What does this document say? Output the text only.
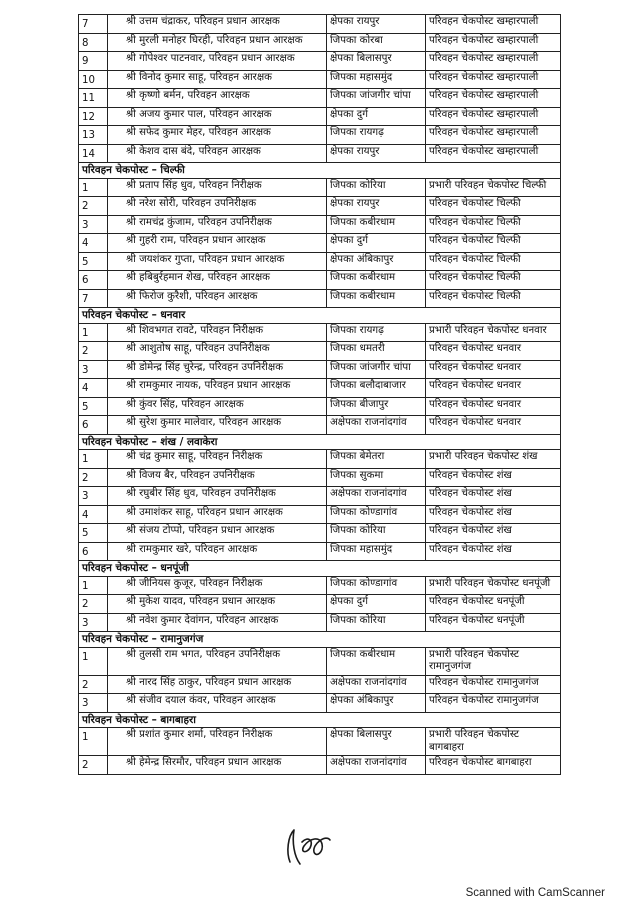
7	श्री उत्तम चंद्राकर, परिवहन प्रधान आरक्षक	क्षेपका रायपुर	परिवहन चेकपोस्ट खम्हारपाली
8	श्री मुरली मनोहर घिरही, परिवहन प्रधान आरक्षक	जिपका कोरबा	परिवहन चेकपोस्ट खम्हारपाली
9	श्री गोपेश्वर पाटनवार, परिवहन प्रधान आरक्षक	क्षेपका बिलासपुर	परिवहन चेकपोस्ट खम्हारपाली
10	श्री विनोद कुमार साहू, परिवहन आरक्षक	जिपका महासमुंद	परिवहन चेकपोस्ट खम्हारपाली
11	श्री कृष्णो बर्मन, परिवहन आरक्षक	जिपका जांजगीर चांपा	परिवहन चेकपोस्ट खम्हारपाली
12	श्री अजय कुमार पाल, परिवहन आरक्षक	क्षेपका दुर्ग	परिवहन चेकपोस्ट खम्हारपाली
13	श्री सफेद कुमार मेहर, परिवहन आरक्षक	जिपका रायगढ़	परिवहन चेकपोस्ट खम्हारपाली
14	श्री केशव दास बंदे, परिवहन आरक्षक	क्षेपका रायपुर	परिवहन चेकपोस्ट खम्हारपाली
परिवहन चेकपोस्ट – चिल्फी			
1	श्री प्रताप सिंह धुव, परिवहन निरीक्षक	जिपका कोरिया	प्रभारी परिवहन चेकपोस्ट चिल्फी
2	श्री नरेश सोरी, परिवहन उपनिरीक्षक	क्षेपका रायपुर	परिवहन चेकपोस्ट चिल्फी
3	श्री रामचंद्र कुंजाम, परिवहन उपनिरीक्षक	जिपका कबीरधाम	परिवहन चेकपोस्ट चिल्फी
4	श्री गुहरी राम, परिवहन प्रधान आरक्षक	क्षेपका दुर्ग	परिवहन चेकपोस्ट चिल्फी
5	श्री जयशंकर गुप्ता, परिवहन प्रधान आरक्षक	क्षेपका अंबिकापुर	परिवहन चेकपोस्ट चिल्फी
6	श्री हबिबुर्रहमान शेख, परिवहन आरक्षक	जिपका कबीरधाम	परिवहन चेकपोस्ट चिल्फी
7	श्री फिरोज कुरैशी, परिवहन आरक्षक	जिपका कबीरधाम	परिवहन चेकपोस्ट चिल्फी
परिवहन चेकपोस्ट – धनवार			
1	श्री शिवभगत रावटे, परिवहन निरीक्षक	जिपका रायगढ़	प्रभारी परिवहन चेकपोस्ट धनवार
2	श्री आशुतोष साहू, परिवहन उपनिरीक्षक	जिपका धमतरी	परिवहन चेकपोस्ट धनवार
3	श्री डोमेन्द्र सिंह चुरेन्द्र, परिवहन उपनिरीक्षक	जिपका जांजगीर चांपा	परिवहन चेकपोस्ट धनवार
4	श्री रामकुमार नायक, परिवहन प्रधान आरक्षक	जिपका बलौदाबाजार	परिवहन चेकपोस्ट धनवार
5	श्री कुंवर सिंह, परिवहन आरक्षक	जिपका बीजापुर	परिवहन चेकपोस्ट धनवार
6	श्री सुरेश कुमार मालेवार, परिवहन आरक्षक	अक्षेपका राजनांदगांव	परिवहन चेकपोस्ट धनवार
परिवहन चेकपोस्ट – शंख / लवाकेरा			
1	श्री चंद्र कुमार साहू, परिवहन निरीक्षक	जिपका बेमेतरा	प्रभारी परिवहन चेकपोस्ट शंख
2	श्री विजय बैर, परिवहन उपनिरीक्षक	जिपका सुकमा	परिवहन चेकपोस्ट शंख
3	श्री रघुबीर सिंह धुव, परिवहन उपनिरीक्षक	अक्षेपका राजनांदगांव	परिवहन चेकपोस्ट शंख
4	श्री उमाशंकर साहू, परिवहन प्रधान आरक्षक	जिपका कोण्डागांव	परिवहन चेकपोस्ट शंख
5	श्री संजय टोप्पो, परिवहन प्रधान आरक्षक	जिपका कोरिया	परिवहन चेकपोस्ट शंख
6	श्री रामकुमार खरे, परिवहन आरक्षक	जिपका महासमुंद	परिवहन चेकपोस्ट शंख
परिवहन चेकपोस्ट – धनपूंजी			
1	श्री जीनियस कुजूर, परिवहन निरीक्षक	जिपका कोण्डागांव	प्रभारी परिवहन चेकपोस्ट धनपूंजी
2	श्री मुकेश यादव, परिवहन प्रधान आरक्षक	क्षेपका दुर्ग	परिवहन चेकपोस्ट धनपूंजी
3	श्री नवेश कुमार देवांगन, परिवहन आरक्षक	जिपका कोरिया	परिवहन चेकपोस्ट धनपूंजी
परिवहन चेकपोस्ट – रामानुजगंज			
1	श्री तुलसी राम भगत, परिवहन उपनिरीक्षक	जिपका कबीरधाम	प्रभारी परिवहन चेकपोस्ट रामानुजगंज
2	श्री नारद सिंह ठाकुर, परिवहन प्रधान आरक्षक	अक्षेपका राजनांदगांव	परिवहन चेकपोस्ट रामानुजगंज
3	श्री संजीव दयाल कंवर, परिवहन आरक्षक	क्षेपका अंबिकापुर	परिवहन चेकपोस्ट रामानुजगंज
परिवहन चेकपोस्ट – बागबाहरा			
1	श्री प्रशांत कुमार शर्मा, परिवहन निरीक्षक	क्षेपका बिलासपुर	प्रभारी परिवहन चेकपोस्ट बागबाहरा
2	श्री हेमेन्द्र सिरमौर, परिवहन प्रधान आरक्षक	अक्षेपका राजनांदगांव	परिवहन चेकपोस्ट बागबाहरा
Scanned with CamScanner
